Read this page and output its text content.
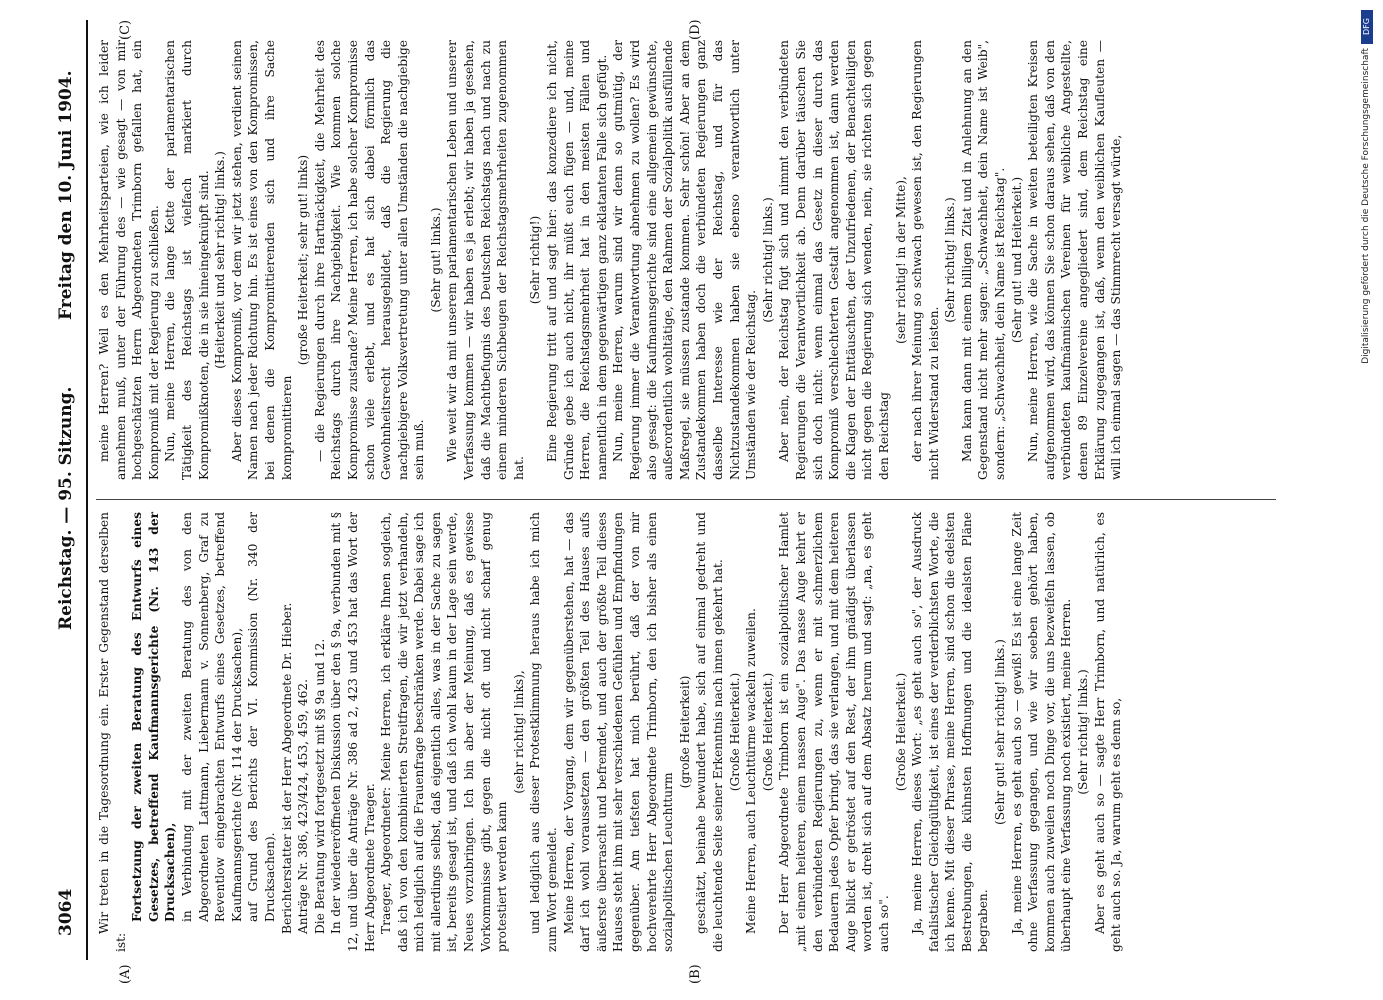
3064
Reichstag. — 95. Sitzung.
Freitag den 10. Juni 1904.
(A)	(B)
(C)	(D)

Wir treten in die Tagesordnung ein. Erster Gegenstand derselben ist:

Fortsetzung der zweiten Beratung des Entwurfs eines Gesetzes, betreffend Kaufmannsgerichte (Nr. 143 der Drucksachen), in Verbindung mit der zweiten Beratung des von den Abgeordneten Lattmann, Liebermann v. Sonnenberg, Graf zu Reventlow eingebrachten Entwurfs eines Gesetzes, betreffend Kaufmannsgerichte (Nr. 114 der Drucksachen), auf Grund des Berichts der VI. Kommission (Nr. 340 der Drucksachen). Berichterstatter ist der Herr Abgeordnete Dr. Hieber. Anträge Nr. 386, 423/424, 453, 459, 462. Die Beratung wird fortgesetzt mit §§ 9a und 12. In der wiedereröffneten Diskussion über den § 9a, verbunden mit § 12, und über die Anträge Nr. 386 ad 2, 423 und 453 hat das Wort der Herr Abgeordnete Traeger. Traeger, Abgeordneter: Meine Herren, ich erkläre Ihnen sogleich, daß ich von den kombinierten Streitfragen, die wir jetzt verhandeln, mich lediglich auf die Frauenfrage beschränken werde. Dabei sage ich mit allerdings selbst, daß eigentlich alles, was in der Sache zu sagen ist, bereits gesagt ist, und daß ich wohl kaum in der Lage sein werde, Neues vorzubringen. Ich bin aber der Meinung, daß es gewisse Vorkommnisse gibt, gegen die nicht oft und nicht scharf genug protestiert werden kann

(sehr richtig! links), und lediglich aus dieser Protestklimmung heraus habe ich mich zum Wort gemeldet. Meine Herren, der Vorgang, dem wir gegenüberstehen, hat — das darf ich wohl voraussetzen — den größten Teil des Hauses aufs äußerste überrascht und befremdet, und auch der größte Teil dieses Hauses steht ihm mit sehr verschiedenen Gefühlen und Empfindungen gegenüber. Am tiefsten hat mich berührt, daß der von mir hochverehrte Herr Abgeordnete Trimborn, den ich bisher als einen sozialpolitischen Leuchtturm

(große Heiterkeit) geschätzt, beinahe bewundert habe, sich auf einmal gedreht und die leuchtende Seite seiner Erkenntnis nach innen gekehrt hat. (Große Heiterkeit.) Meine Herren, auch Leuchttürme wackeln zuweilen. (Große Heiterkeit.) Der Herr Abgeordnete Trimborn ist ein sozialpolitischer Hamlet „mit einem heiteren, einem nassen Auge". Das nasse Auge kehrt er den verbündeten Regierungen zu, wenn er mit schmerzlichem Bedauern jedes Opfer bringt, das sie verlangen, und mit dem heiteren Auge blickt er getröstet auf den Rest, der ihm gnädigst überlassen worden ist, dreht sich auf dem Absatz herum und sagt: „na, es geht auch so".

(Große Heiterkeit.) Ja, meine Herren, dieses Wort: „es geht auch so", der Ausdruck fatalistischer Gleichgültigkeit, ist eines der verderblichsten Worte, die ich kenne. Mit dieser Phrase, meine Herren, sind schon die edelsten Bestrebungen, die kühnsten Hoffnungen und die idealsten Pläne begraben.

(Sehr gut! sehr richtig! links.) Ja, meine Herren, es geht auch so — gewiß! Es ist eine lange Zeit ohne Verfassung gegangen, und wie wir soeben gehört haben, kommen auch zuweilen noch Dinge vor, die uns bezweifeln lassen, ob überhaupt eine Verfassung noch existiert, meine Herren. (Sehr richtig! links.) Aber es geht auch so — sagte Herr Trimborn, und natürlich, es geht auch so. Ja, warum geht es denn so,

meine Herren? Weil es den Mehrheitsparteien, wie ich leider annehmen muß, unter der Führung des — wie gesagt — von mir hochgeschätzten Herrn Abgeordneten Trimborn gefallen hat, ein Kompromiß mit der Regierung zu schließen. Nun, meine Herren, die lange Kette der parlamentarischen Tätigkeit des Reichstags ist vielfach markiert durch Kompromißknoten, die in sie hineingeknüpft sind. (Heiterkeit und sehr richtig! links.) Aber dieses Kompromiß, vor dem wir jetzt stehen, verdient seinen Namen nach jeder Richtung hin. Es ist eines von den Kompromissen, bei denen die Kompromittierenden sich und ihre Sache kompromittieren

(große Heiterkeit; sehr gut! links) — die Regierungen durch ihre Hartnäckigkeit, die Mehrheit des Reichstags durch ihre Nachgiebigkeit. Wie kommen solche Kompromisse zustande? Meine Herren, ich habe solcher Kompromisse schon viele erlebt, und es hat sich dabei förmlich das Gewohnheitsrecht herausgebildet, daß die Regierung die nachgiebigere Volksvertretung unter allen Umständen die nachgiebige sein muß.

(Sehr gut! links.) Wie weit wir da mit unserem parlamentarischen Leben und unserer Verfassung kommen — wir haben es ja erlebt; wir haben ja gesehen, daß die Machtbefugnis des Deutschen Reichstags nach und nach zu einem minderen Sichbeugen der Reichstagsmehrheiten zugenommen hat.

(Sehr richtig!) Eine Regierung tritt auf und sagt hier: das konzediere ich nicht, Gründe gebe ich auch nicht, ihr müßt euch fügen — und, meine Herren, die Reichstagsmehrheit hat in den meisten Fällen und namentlich in dem gegenwärtigen ganz eklatanten Falle sich gefügt. Nun, meine Herren, warum sind wir denn so gutmütig, der Regierung immer die Verantwortung abnehmen zu wollen? Es wird also gesagt: die Kaufmannsgerichte sind eine allgemein gewünschte, außerordentlich wohltätige, den Rahmen der Sozialpolitik ausfüllende Maßregel, sie müssen zustande kommen. Sehr schön! Aber an dem Zustandekommen haben doch die verbündeten Regierungen ganz dasselbe Interesse wie der Reichstag, und für das Nichtzustandekommen haben sie ebenso verantwortlich unter Umständen wie der Reichstag.

(Sehr richtig! links.) Aber nein, der Reichstag fügt sich und nimmt den verbündeten Regierungen die Verantwortlichkeit ab. Denn darüber täuschen Sie sich doch nicht: wenn einmal das Gesetz in dieser durch das Kompromiß verschlechterten Gestalt angenommen ist, dann werden die Klagen der Enttäuschten, der Unzufriedenen, der Benachteiligten nicht gegen die Regierung sich wenden, nein, sie richten sich gegen den Reichstag

(sehr richtig! in der Mitte), der nach ihrer Meinung so schwach gewesen ist, den Regierungen nicht Widerstand zu leisten.

(Sehr richtig! links.) Man kann dann mit einem billigen Zitat und in Anlehnung an den Gegenstand nicht mehr sagen: „Schwachheit, dein Name ist Weib", sondern: „Schwachheit, dein Name ist Reichstag". (Sehr gut! und Heiterkeit.) Nun, meine Herren, wie die Sache in weiten beteiligten Kreisen aufgenommen wird, das können Sie schon daraus sehen, daß von den verbündeten kaufmännischen Vereinen für weibliche Angestellte, denen 89 Einzelvereine angegliedert sind, dem Reichstag eine Erklärung zugegangen ist, daß, wenn den weiblichen Kaufleuten — will ich einmal sagen — das Stimmrecht versagt würde,

DFG
Digitalisierung gefördert durch die Deutsche Forschungsgemeinschaft
